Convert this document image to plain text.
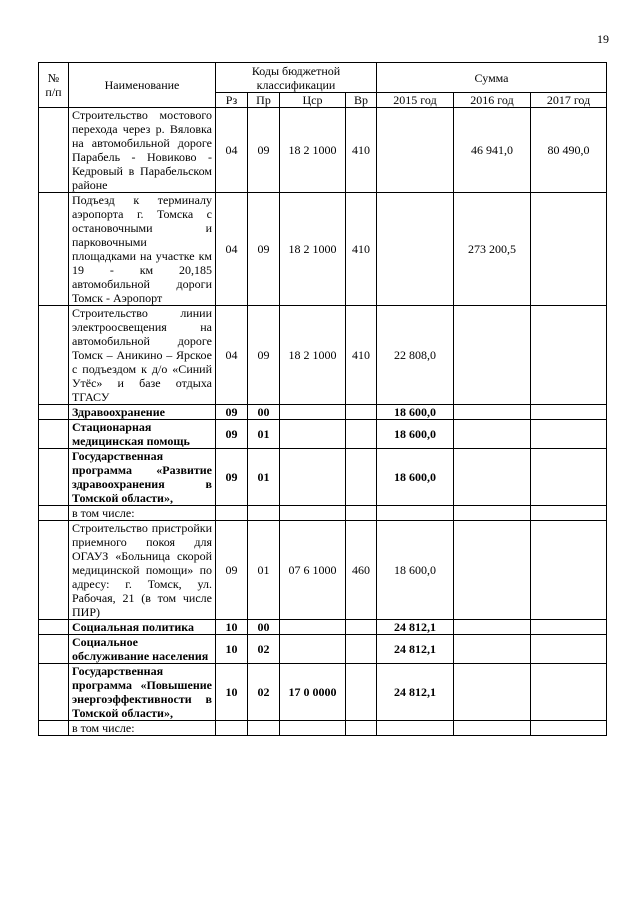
19
№ п/п	Наименование	Коды бюджетной классификации				Сумма		
		Рз	Пр	Цср	Вр	2015 год	2016 год	2017 год
	Строительство мостового перехода через р. Вяловка на автомобильной дороге Парабель - Новиково - Кедровый в Парабельском районе	04	09	18 2 1000	410		46 941,0	80 490,0
	Подъезд к терминалу аэропорта г. Томска с остановочными и парковочными площадками на участке км 19 - км 20,185 автомобильной дороги Томск - Аэропорт	04	09	18 2 1000	410		273 200,5	
	Строительство линии электроосвещения на автомобильной дороге Томск – Аникино – Ярское с подъездом к д/о «Синий Утёс» и базе отдыха ТГАСУ	04	09	18 2 1000	410	22 808,0		
	Здравоохранение	09	00			18 600,0		
	Стационарная медицинская помощь	09	01			18 600,0		
	Государственная программа «Развитие здравоохранения в Томской области»,	09	01			18 600,0		
	в том числе:							
	Строительство пристройки приемного покоя для ОГАУЗ «Больница скорой медицинской помощи» по адресу: г. Томск, ул. Рабочая, 21 (в том числе ПИР)	09	01	07 6 1000	460	18 600,0		
	Социальная политика	10	00			24 812,1		
	Социальное обслуживание населения	10	02			24 812,1		
	Государственная программа «Повышение энергоэффективности в Томской области»,	10	02	17 0 0000		24 812,1		
	в том числе:							
